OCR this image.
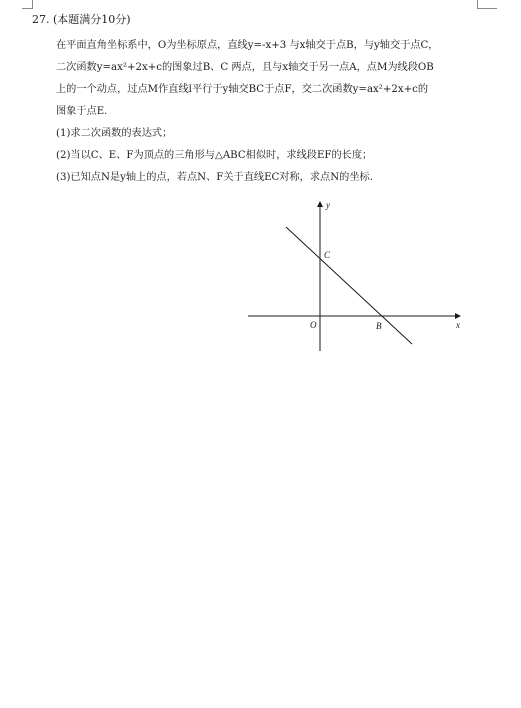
27. (本题满分10分)
在平面直角坐标系中，O为坐标原点，直线y=-x+3 与x轴交于点B，与y轴交于点C，
二次函数y=ax²+2x+c的图象过B、C 两点，且与x轴交于另一点A，点M为线段OB
上的一个动点，过点M作直线l平行于y轴交BC于点F，交二次函数y=ax²+2x+c的
图象于点E.
(1)求二次函数的表达式；
(2)当以C、E、F为顶点的三角形与△ABC相似时，求线段EF的长度；
(3)已知点N是y轴上的点，若点N、F关于直线EC对称，求点N的坐标.
y
x
O
C
B
